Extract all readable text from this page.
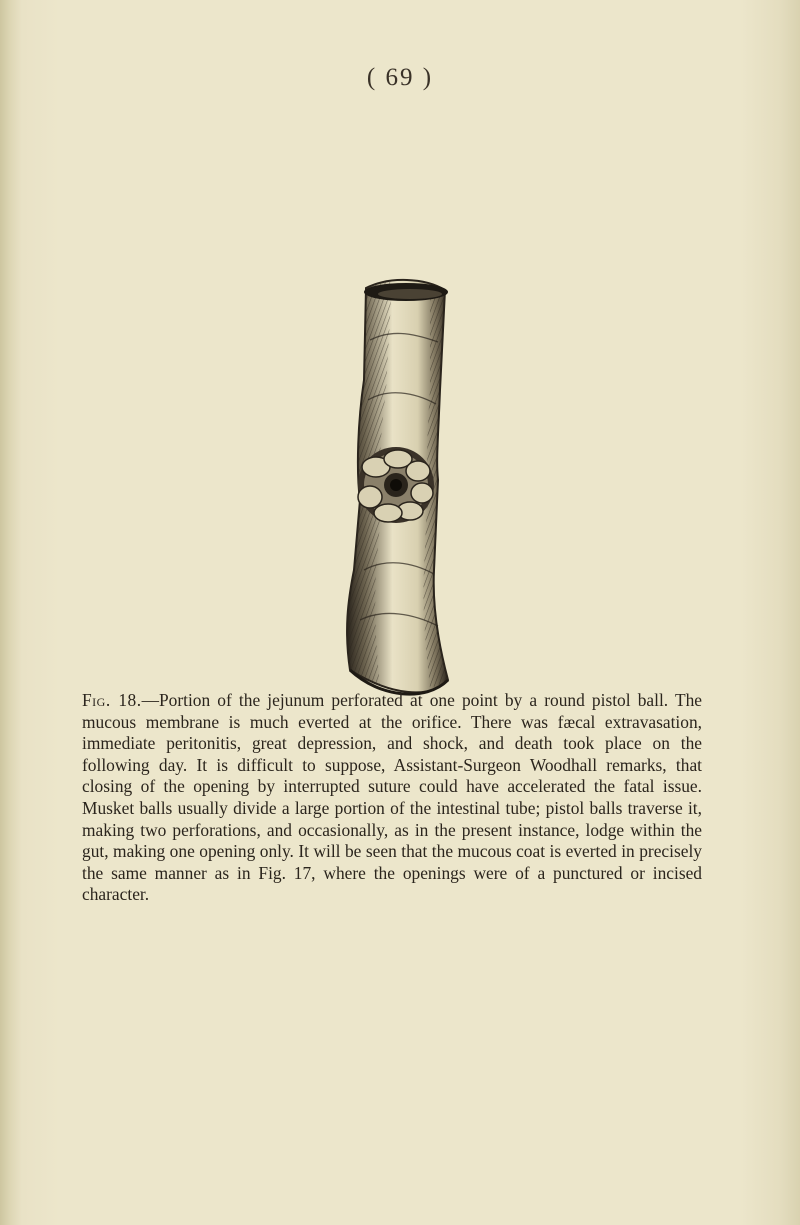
( 69 )
Fig. 18.—Portion of the jejunum perforated at one point by a round pistol ball. The mucous membrane is much everted at the orifice. There was fæcal extravasation, immediate peritonitis, great depression, and shock, and death took place on the following day. It is difficult to suppose, Assistant-Surgeon Woodhall remarks, that closing of the opening by interrupted suture could have accelerated the fatal issue. Musket balls usually divide a large portion of the intestinal tube; pistol balls traverse it, making two perforations, and occasionally, as in the present instance, lodge within the gut, making one opening only. It will be seen that the mucous coat is everted in precisely the same manner as in Fig. 17, where the openings were of a punctured or incised character.
